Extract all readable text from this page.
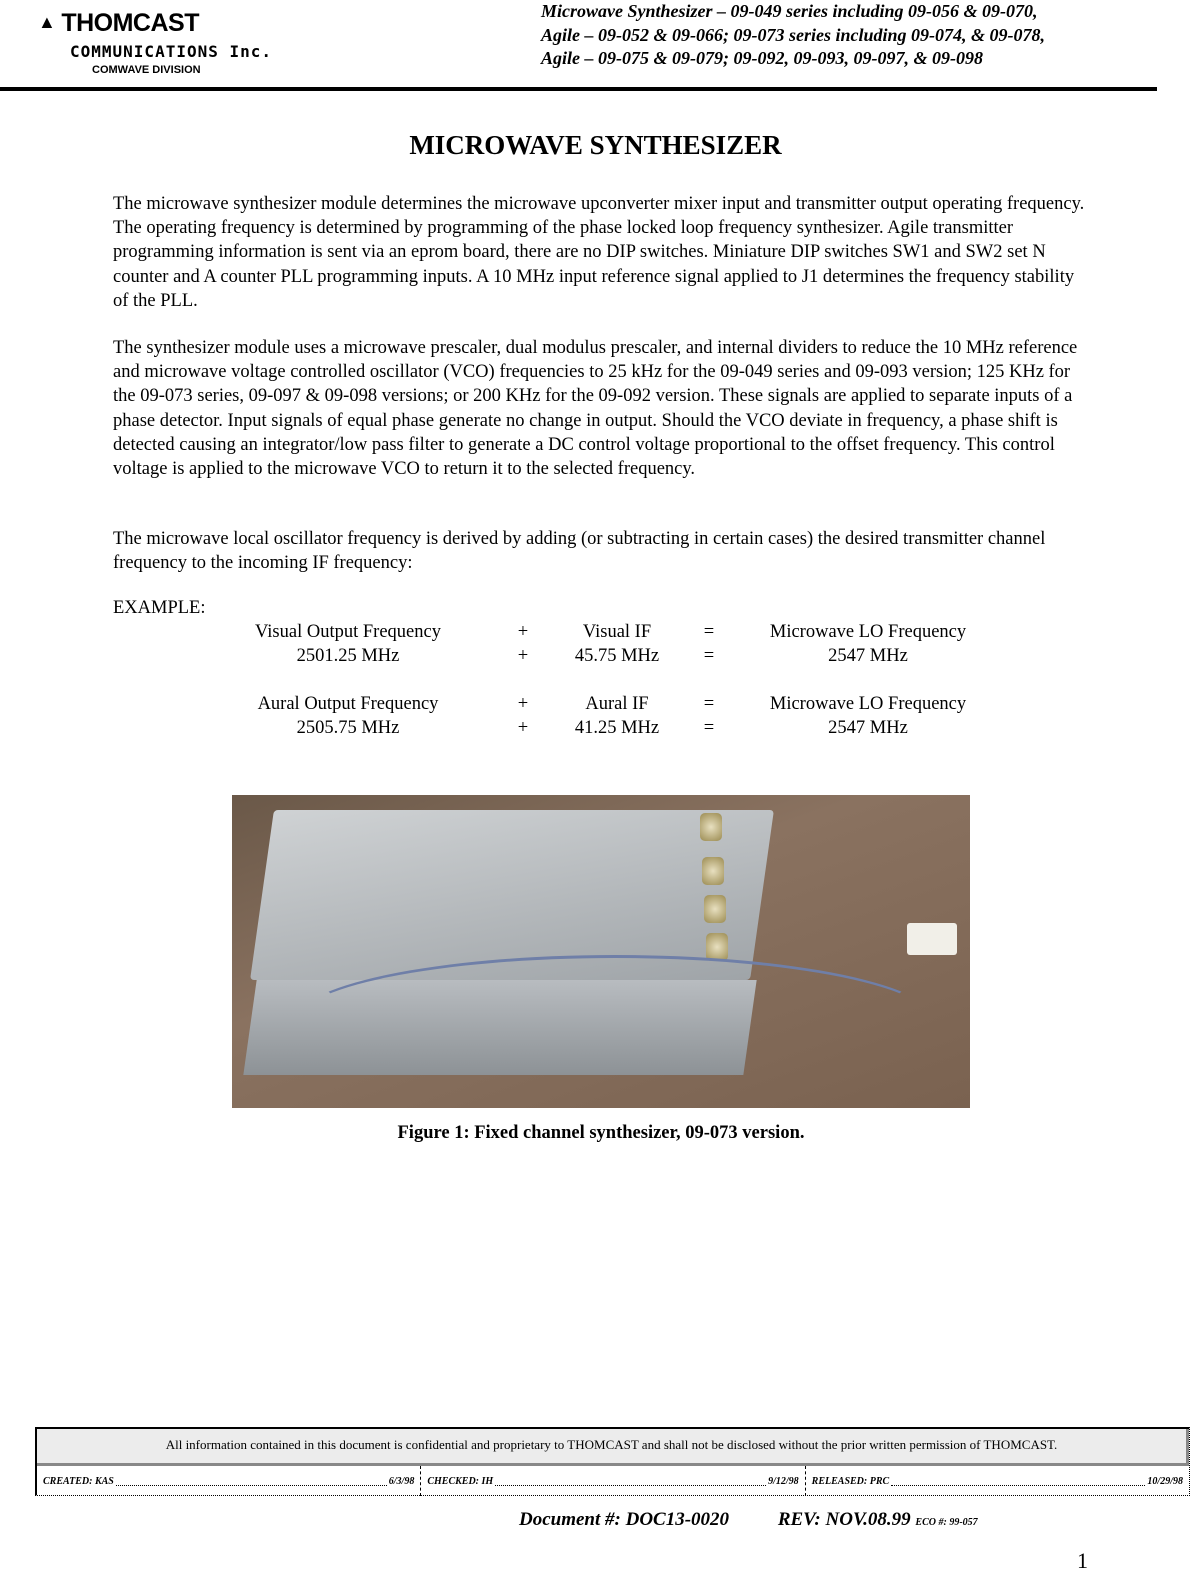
▲ THOMCAST
COMMUNICATIONS Inc.
COMWAVE DIVISION
Microwave Synthesizer – 09-049 series including 09-056 & 09-070,
Agile – 09-052 & 09-066; 09-073 series including 09-074, & 09-078,
Agile – 09-075 & 09-079; 09-092, 09-093, 09-097, & 09-098
MICROWAVE SYNTHESIZER
The microwave synthesizer module determines the microwave upconverter mixer input and transmitter output operating frequency. The operating frequency is determined by programming of the phase locked loop frequency synthesizer. Agile transmitter programming information is sent via an eprom board, there are no DIP switches. Miniature DIP switches SW1 and SW2 set N counter and A counter PLL programming inputs. A 10 MHz input reference signal applied to J1 determines the frequency stability of the PLL.
The synthesizer module uses a microwave prescaler, dual modulus prescaler, and internal dividers to reduce the 10 MHz reference and microwave voltage controlled oscillator (VCO) frequencies to 25 kHz for the 09-049 series and 09-093 version; 125 KHz for the 09-073 series, 09-097 & 09-098 versions; or 200 KHz for the 09-092 version. These signals are applied to separate inputs of a phase detector. Input signals of equal phase generate no change in output. Should the VCO deviate in frequency, a phase shift is detected causing an integrator/low pass filter to generate a DC control voltage proportional to the offset frequency. This control voltage is applied to the microwave VCO to return it to the selected frequency.
The microwave local oscillator frequency is derived by adding (or subtracting in certain cases) the desired transmitter channel frequency to the incoming IF frequency:
EXAMPLE:
Visual Output Frequency	+	Visual IF	=	Microwave LO Frequency
2501.25 MHz	+	45.75 MHz =	2547 MHz
Aural Output Frequency	+	Aural IF	=	Microwave LO Frequency
2505.75 MHz	+	41.25 MHz =	2547 MHz
Figure 1: Fixed channel synthesizer, 09-073 version.
All information contained in this document is confidential and proprietary to THOMCAST and shall not be disclosed without the prior written permission of THOMCAST.
CREATED: KAS	6/3/98 CHECKED: IH	9/12/98 RELEASED: PRC	10/29/98
Document #: DOC13-0020	REV: NOV.08.99 ECO #: 99-057
1
